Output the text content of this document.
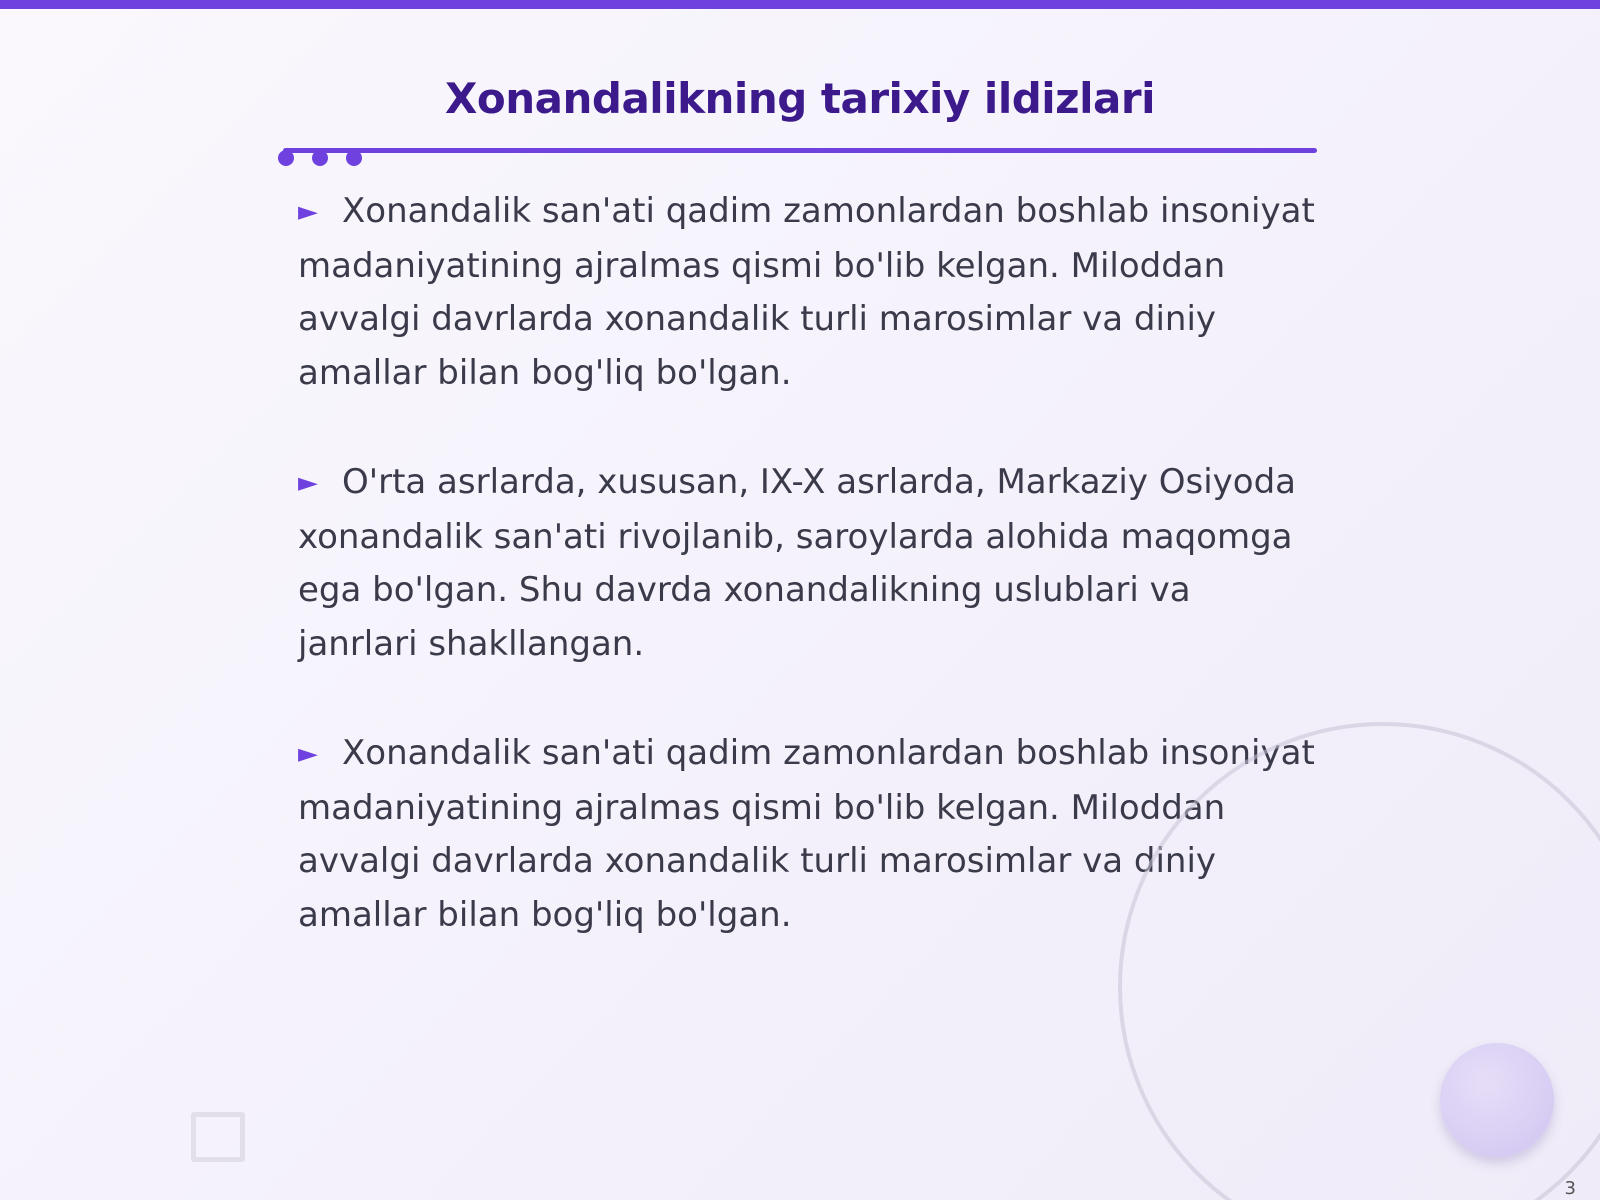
Xonandalikning tarixiy ildizlari

► Xonandalik san'ati qadim zamonlardan boshlab insoniyat madaniyatining ajralmas qismi bo'lib kelgan. Miloddan avvalgi davrlarda xonandalik turli marosimlar va diniy amallar bilan bog'liq bo'lgan.

► O'rta asrlarda, xususan, IX-X asrlarda, Markaziy Osiyoda xonandalik san'ati rivojlanib, saroylarda alohida maqomga ega bo'lgan. Shu davrda xonandalikning uslublari va janrlari shakllangan.

► Xonandalik san'ati qadim zamonlardan boshlab insoniyat madaniyatining ajralmas qismi bo'lib kelgan. Miloddan avvalgi davrlarda xonandalik turli marosimlar va diniy amallar bilan bog'liq bo'lgan.

3
